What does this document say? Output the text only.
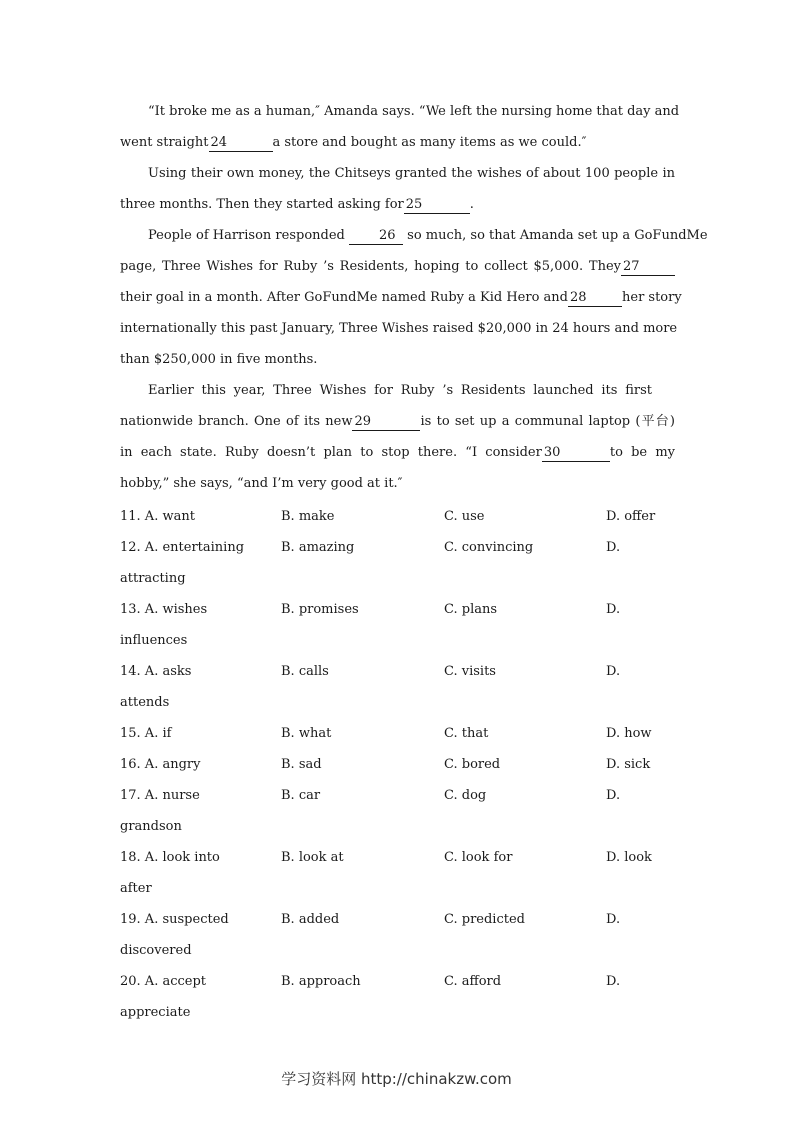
“It broke me as a human,″ Amanda says. “We left the nursing home that day and
went straight 24	a store and bought as many items as we could.″
Using their own money, the Chitseys granted the wishes of about 100 people in
three months. Then they started asking for 25	.
People of Harrison responded	26 so much, so that Amanda set up a GoFundMe
page, Three Wishes for Ruby ’s Residents, hoping to collect $5,000. They 27
their goal in a month. After GoFundMe named Ruby a Kid Hero and 28	her story
internationally this past January, Three Wishes raised $20,000 in 24 hours and more
than $250,000 in five months.
Earlier this year, Three Wishes for Ruby ’s Residents launched its first
nationwide branch. One of its new 29	is to set up a communal laptop (平台)
in each state. Ruby doesn’t plan to stop there. “I consider 30	to be my
hobby,” she says, “and I’m very good at it.″
11. A. want	B. make	C. use	D. offer
12. A. entertaining	B. amazing	C. convincing	D.
attracting
13. A. wishes	B. promises	C. plans	D.
influences
14. A. asks	B. calls	C. visits	D.
attends
15. A. if	B. what	C. that	D. how
16. A. angry	B. sad	C. bored	D. sick
17. A. nurse	B. car	C. dog	D.
grandson
18. A. look into	B. look at	C. look for	D. look
after
19. A. suspected	B. added	C. predicted	D.
discovered
20. A. accept	B. approach	C. afford	D.
appreciate
学习资料网 http://chinakzw.com
